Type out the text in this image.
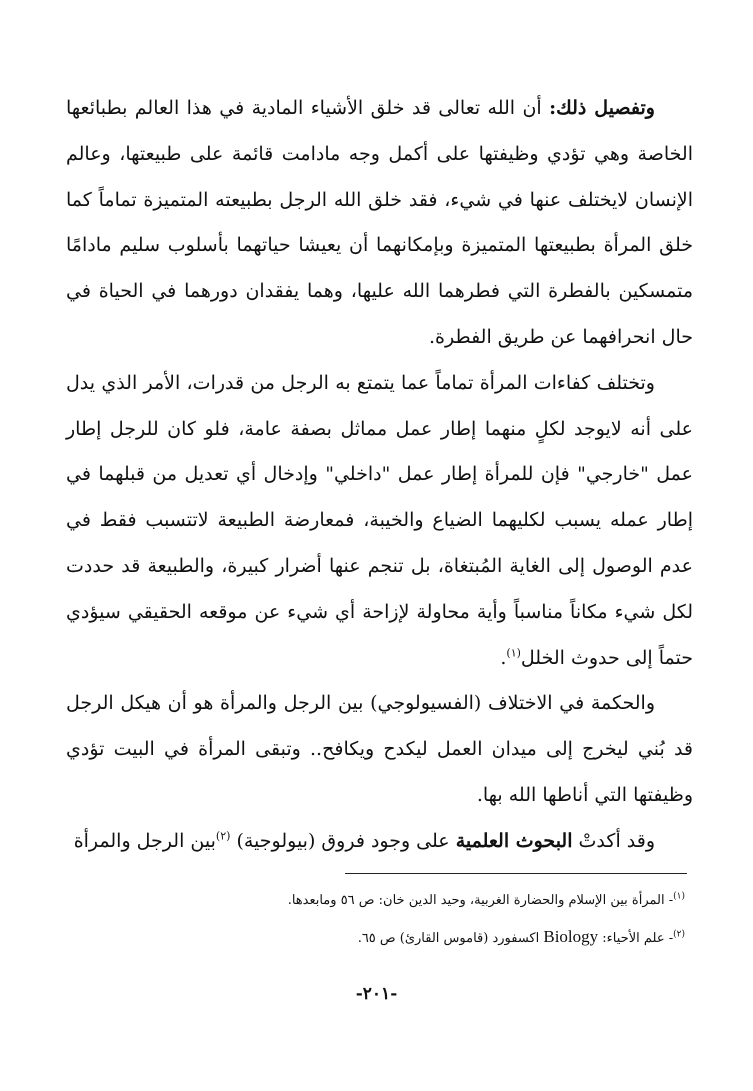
وتفصيل ذلك: أن الله تعالى قد خلق الأشياء المادية في هذا العالم بطبائعها الخاصة وهي تؤدي وظيفتها على أكمل وجه مادامت قائمة على طبيعتها، وعالم الإنسان لايختلف عنها في شيء، فقد خلق الله الرجل بطبيعته المتميزة تماماً كما خلق المرأة بطبيعتها المتميزة وبإمكانهما أن يعيشا حياتهما بأسلوب سليم مادامًا متمسكين بالفطرة التي فطرهما الله عليها، وهما يفقدان دورهما في الحياة في حال انحرافهما عن طريق الفطرة.

وتختلف كفاءات المرأة تماماً عما يتمتع به الرجل من قدرات، الأمر الذي يدل على أنه لايوجد لكلٍ منهما إطار عمل مماثل بصفة عامة، فلو كان للرجل إطار عمل "خارجي" فإن للمرأة إطار عمل "داخلي" وإدخال أي تعديل من قبلهما في إطار عمله يسبب لكليهما الضياع والخيبة، فمعارضة الطبيعة لاتتسبب فقط في عدم الوصول إلى الغاية المُبتغاة، بل تنجم عنها أضرار كبيرة، والطبيعة قد حددت لكل شيء مكاناً مناسباً وأية محاولة لإزاحة أي شيء عن موقعه الحقيقي سيؤدي حتماً إلى حدوث الخلل$^{(١)}$.

والحكمة في الاختلاف (الفسيولوجي) بين الرجل والمرأة هو أن هيكل الرجل قد بُني ليخرج إلى ميدان العمل ليكدح ويكافح.. وتبقى المرأة في البيت تؤدي وظيفتها التي أناطها الله بها.

وقد أكدتْ البحوث العلمية على وجود فروق (بيولوجية) $^{(٢)}$بين الرجل والمرأة

$^{(١)}$- المرأة بين الإسلام والحضارة الغربية، وحيد الدين خان: ص ٥٦ ومابعدها.

$^{(٢)}$- علم الأحياء: Biology اكسفورد (قاموس القارئ) ص ٦٥.

-٢٠١-
